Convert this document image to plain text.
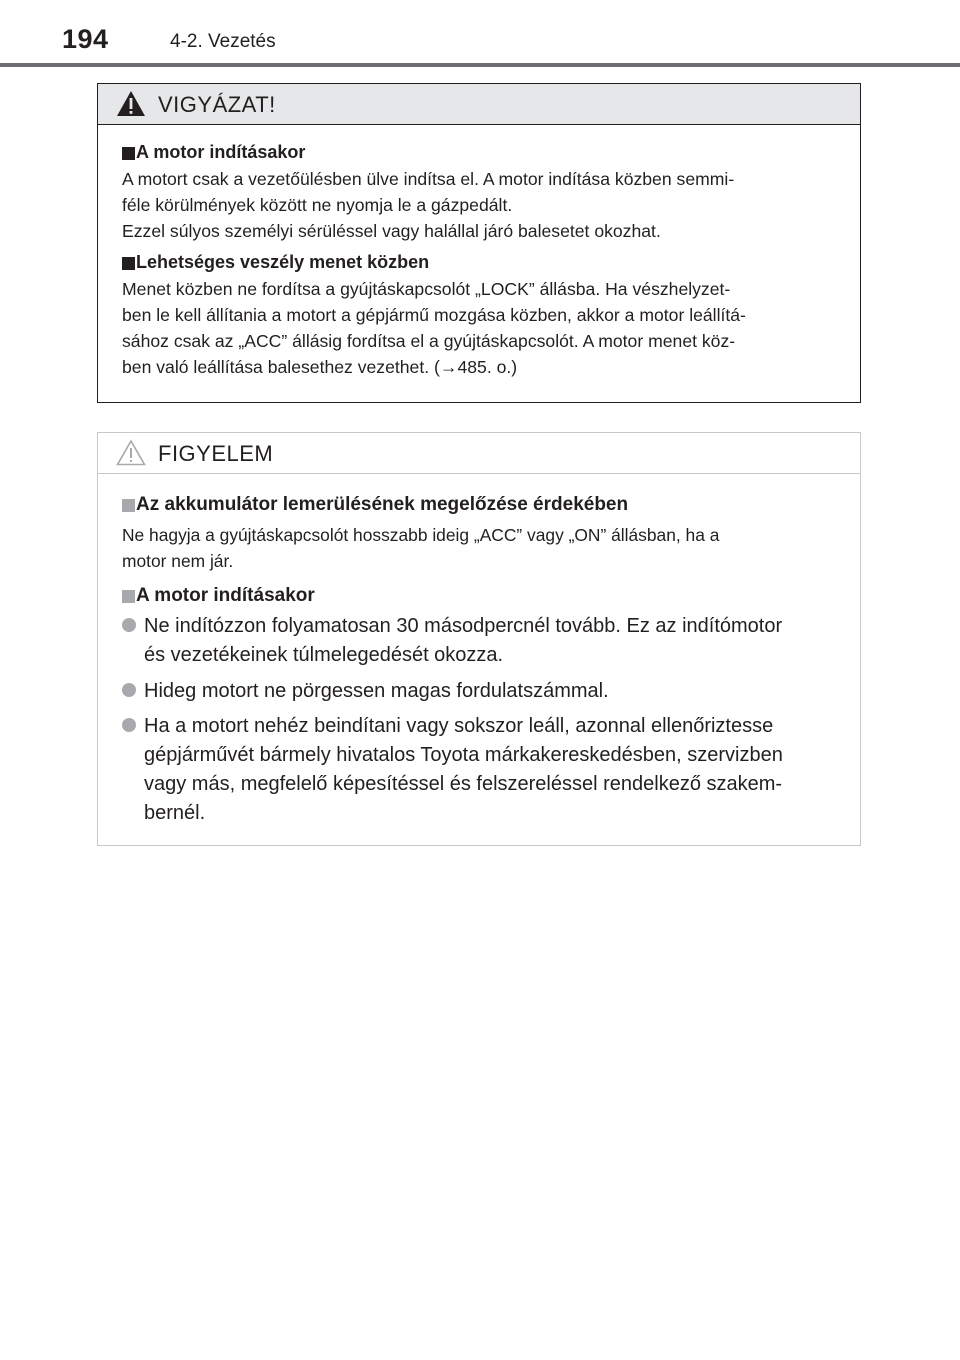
194	4-2. Vezetés
VIGYÁZAT!
A motor indításakor
A motort csak a vezetőülésben ülve indítsa el. A motor indítása közben semmi-
féle körülmények között ne nyomja le a gázpedált.
Ezzel súlyos személyi sérüléssel vagy halállal járó balesetet okozhat.
Lehetséges veszély menet közben
Menet közben ne fordítsa a gyújtáskapcsolót „LOCK” állásba. Ha vészhelyzet-
ben le kell állítania a motort a gépjármű mozgása közben, akkor a motor leállítá-
sához csak az „ACC” állásig fordítsa el a gyújtáskapcsolót. A motor menet köz-
ben való leállítása balesethez vezethet. (→485. o.)
FIGYELEM
Az akkumulátor lemerülésének megelőzése érdekében
Ne hagyja a gyújtáskapcsolót hosszabb ideig „ACC” vagy „ON” állásban, ha a
motor nem jár.
A motor indításakor
Ne indítózzon folyamatosan 30 másodpercnél tovább. Ez az indítómotor
és vezetékeinek túlmelegedését okozza.
Hideg motort ne pörgessen magas fordulatszámmal.
Ha a motort nehéz beindítani vagy sokszor leáll, azonnal ellenőriztesse
gépjárművét bármely hivatalos Toyota márkakereskedésben, szervizben
vagy más, megfelelő képesítéssel és felszereléssel rendelkező szakem-
bernél.
